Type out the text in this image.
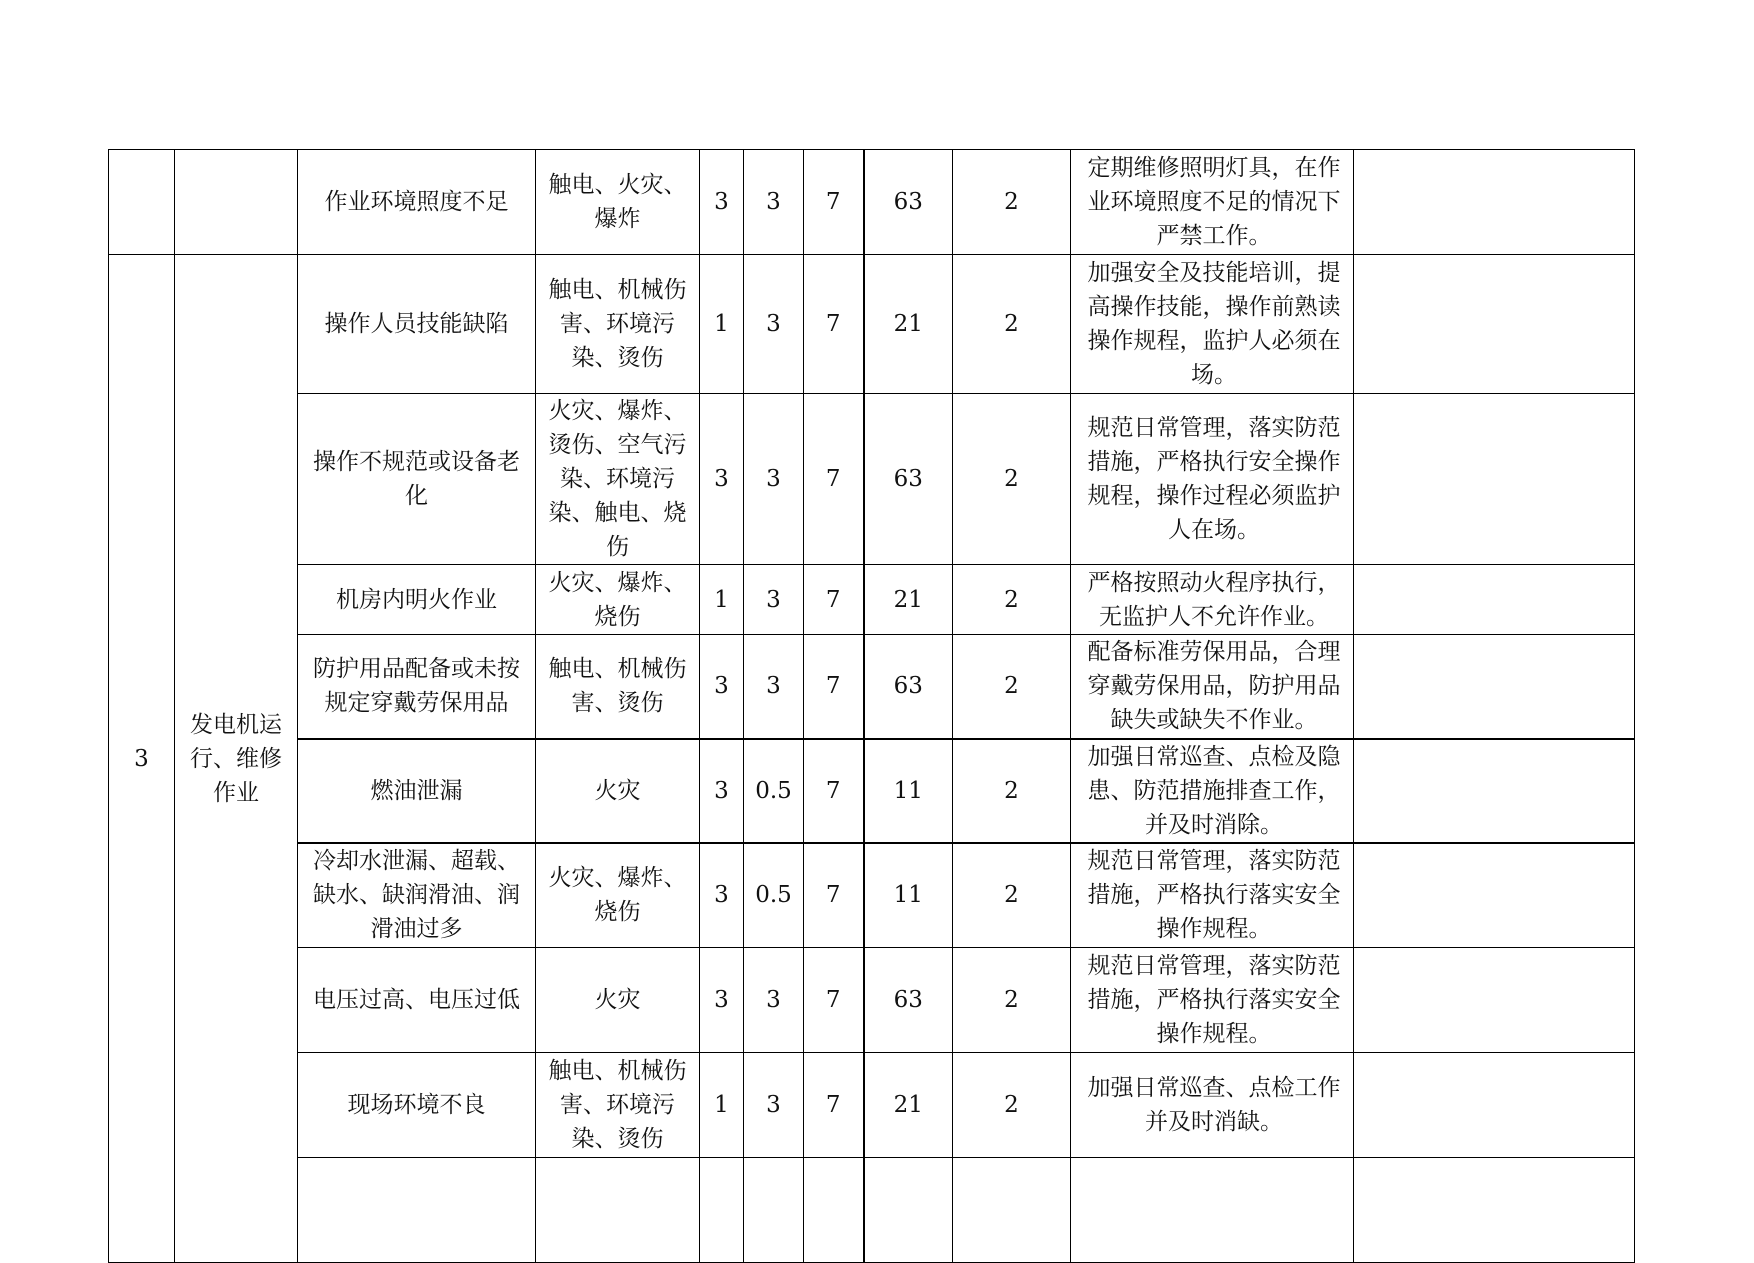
		作业环境照度不足	触电、火灾、爆炸	3	3	7	63	2	定期维修照明灯具，在作业环境照度不足的情况下严禁工作。	
3	发电机运行、维修作业	操作人员技能缺陷	触电、机械伤害、环境污染、烫伤	1	3	7	21	2	加强安全及技能培训，提高操作技能，操作前熟读操作规程，监护人必须在场。	
		操作不规范或设备老化	火灾、爆炸、烫伤、空气污染、环境污染、触电、烧伤	3	3	7	63	2	规范日常管理，落实防范措施，严格执行安全操作规程，操作过程必须监护人在场。	
		机房内明火作业	火灾、爆炸、烧伤	1	3	7	21	2	严格按照动火程序执行，无监护人不允许作业。	
		防护用品配备或未按规定穿戴劳保用品	触电、机械伤害、烫伤	3	3	7	63	2	配备标准劳保用品，合理穿戴劳保用品，防护用品缺失或缺失不作业。	
		燃油泄漏	火灾	3	0.5	7	11	2	加强日常巡查、点检及隐患、防范措施排查工作，并及时消除。	
		冷却水泄漏、超载、缺水、缺润滑油、润滑油过多	火灾、爆炸、烧伤	3	0.5	7	11	2	规范日常管理，落实防范措施，严格执行落实安全操作规程。	
		电压过高、电压过低	火灾	3	3	7	63	2	规范日常管理，落实防范措施，严格执行落实安全操作规程。	
		现场环境不良	触电、机械伤害、环境污染、烫伤	1	3	7	21	2	加强日常巡查、点检工作并及时消缺。	
